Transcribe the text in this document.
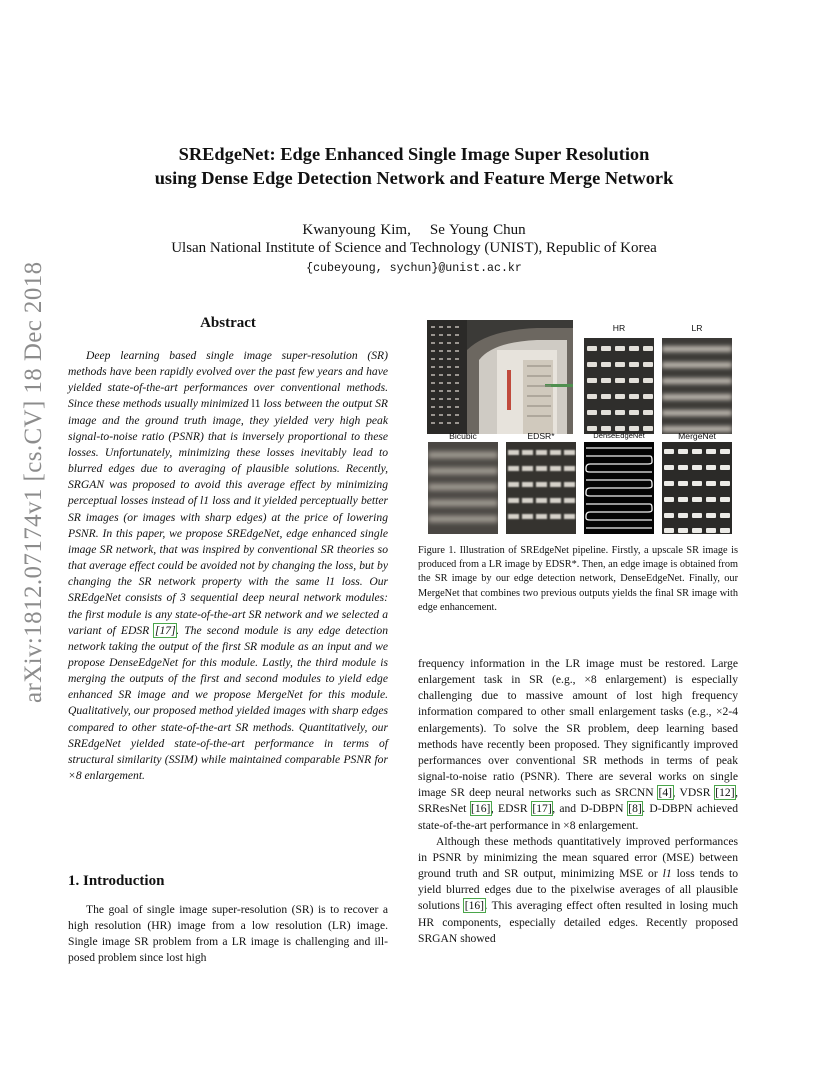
arXiv:1812.07174v1 [cs.CV] 18 Dec 2018
SREdgeNet: Edge Enhanced Single Image Super Resolution
using Dense Edge Detection Network and Feature Merge Network
Kwanyoung Kim,    Se Young Chun
Ulsan National Institute of Science and Technology (UNIST), Republic of Korea
{cubeyoung, sychun}@unist.ac.kr
Abstract
Deep learning based single image super-resolution (SR) methods have been rapidly evolved over the past few years and have yielded state-of-the-art performances over conventional methods. Since these methods usually minimized l1 loss between the output SR image and the ground truth image, they yielded very high peak signal-to-noise ratio (PSNR) that is inversely proportional to these losses. Unfortunately, minimizing these losses inevitably lead to blurred edges due to averaging of plausible solutions. Recently, SRGAN was proposed to avoid this average effect by minimizing perceptual losses instead of l1 loss and it yielded perceptually better SR images (or images with sharp edges) at the price of lowering PSNR. In this paper, we propose SREdgeNet, edge enhanced single image SR network, that was inspired by conventional SR theories so that average effect could be avoided not by changing the loss, but by changing the SR network property with the same l1 loss. Our SREdgeNet consists of 3 sequential deep neural network modules: the first module is any state-of-the-art SR network and we selected a variant of EDSR [17]. The second module is any edge detection network taking the output of the first SR module as an input and we propose DenseEdgeNet for this module. Lastly, the third module is merging the outputs of the first and second modules to yield edge enhanced SR image and we propose MergeNet for this module. Qualitatively, our proposed method yielded images with sharp edges compared to other state-of-the-art SR methods. Quantitatively, our SREdgeNet yielded state-of-the-art performance in terms of structural similarity (SSIM) while maintained comparable PSNR for ×8 enlargement.
1. Introduction

The goal of single image super-resolution (SR) is to recover a high resolution (HR) image from a low resolution (LR) image. Single image SR problem from a LR image is challenging and ill-posed problem since lost high

HR	LR
Bicubic	EDSR*	DenseEdgeNet	MergeNet
Figure 1. Illustration of SREdgeNet pipeline. Firstly, a upscale SR image is produced from a LR image by EDSR*. Then, an edge image is obtained from the SR image by our edge detection network, DenseEdgeNet. Finally, our MergeNet that combines two previous outputs yields the final SR image with edge enhancement.

frequency information in the LR image must be restored. Large enlargement task in SR (e.g., ×8 enlargement) is especially challenging due to massive amount of lost high frequency information compared to other small enlargement tasks (e.g., ×2-4 enlargements). To solve the SR problem, deep learning based methods have recently been proposed. They significantly improved performances over conventional SR methods in terms of peak signal-to-noise ratio (PSNR). There are several works on single image SR deep neural networks such as SRCNN [4], VDSR [12], SRResNet [16], EDSR [17], and D-DBPN [8]. D-DBPN achieved state-of-the-art performance in ×8 enlargement.

Although these methods quantitatively improved performances in PSNR by minimizing the mean squared error (MSE) between ground truth and SR output, minimizing MSE or l1 loss tends to yield blurred edges due to the pixelwise averages of all plausible solutions [16]. This averaging effect often resulted in losing much HR components, especially detailed edges. Recently proposed SRGAN showed
